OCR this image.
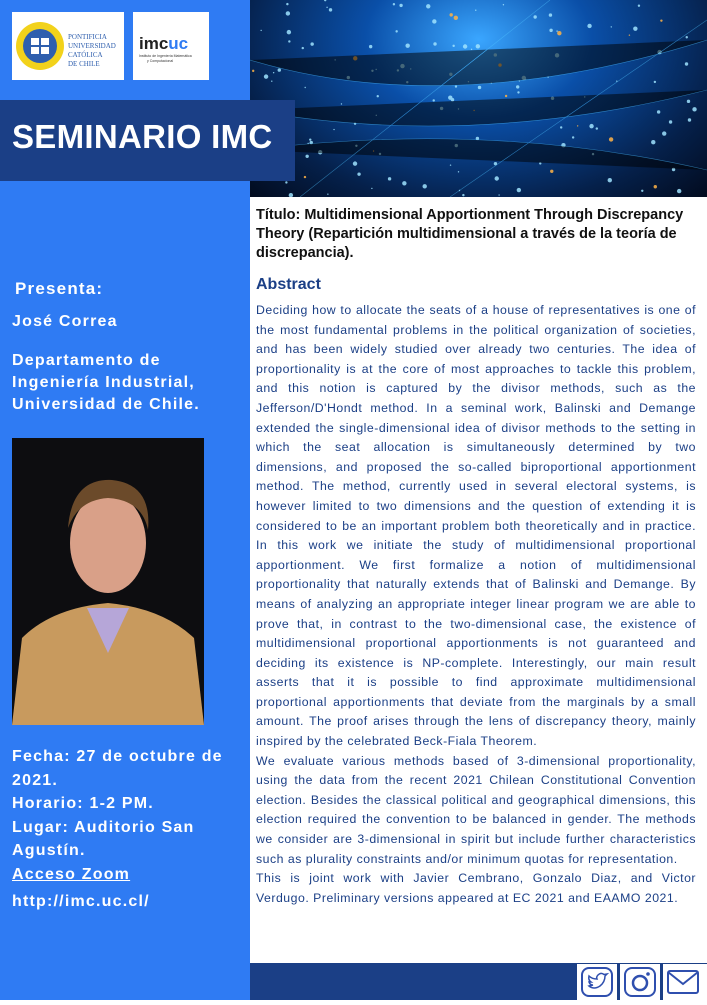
PONTIFICIA
UNIVERSIDAD
CATÓLICA
DE CHILE
imcuc
Instituto de Ingeniería Matemática
y Computacional
SEMINARIO IMC
Presenta:
José Correa
Departamento de Ingeniería Industrial, Universidad de Chile.
Fecha: 27 de octubre de 2021.
Horario: 1-2 PM.
Lugar: Auditorio San Agustín.
Acceso Zoom
http://imc.uc.cl/
Título: Multidimensional Apportionment Through Discrepancy Theory (Repartición multidimensional a través de la teoría de discrepancia).
Abstract

Deciding how to allocate the seats of a house of representatives is one of the most fundamental problems in the political organization of societies, and has been widely studied over already two centuries. The idea of proportionality is at the core of most approaches to tackle this problem, and this notion is captured by the divisor methods, such as the Jefferson/D'Hondt method. In a seminal work, Balinski and Demange extended the single-dimensional idea of divisor methods to the setting in which the seat allocation is simultaneously determined by two dimensions, and proposed the so-called biproportional apportionment method. The method, currently used in several electoral systems, is however limited to two dimensions and the question of extending it is considered to be an important problem both theoretically and in practice. In this work we initiate the study of multidimensional proportional apportionment. We first formalize a notion of multidimensional proportionality that naturally extends that of Balinski and Demange. By means of analyzing an appropriate integer linear program we are able to prove that, in contrast to the two-dimensional case, the existence of multidimensional proportional apportionments is not guaranteed and deciding its existence is NP-complete. Interestingly, our main result asserts that it is possible to find approximate multidimensional proportional apportionments that deviate from the marginals by a small amount. The proof arises through the lens of discrepancy theory, mainly inspired by the celebrated Beck-Fiala Theorem.

We evaluate various methods based of 3-dimensional proportionality, using the data from the recent 2021 Chilean Constitutional Convention election. Besides the classical political and geographical dimensions, this election required the convention to be balanced in gender. The methods we consider are 3-dimensional in spirit but include further characteristics such as plurality constraints and/or minimum quotas for representation.

This is joint work with Javier Cembrano, Gonzalo Diaz, and Victor Verdugo. Preliminary versions appeared at EC 2021 and EAAMO 2021.
